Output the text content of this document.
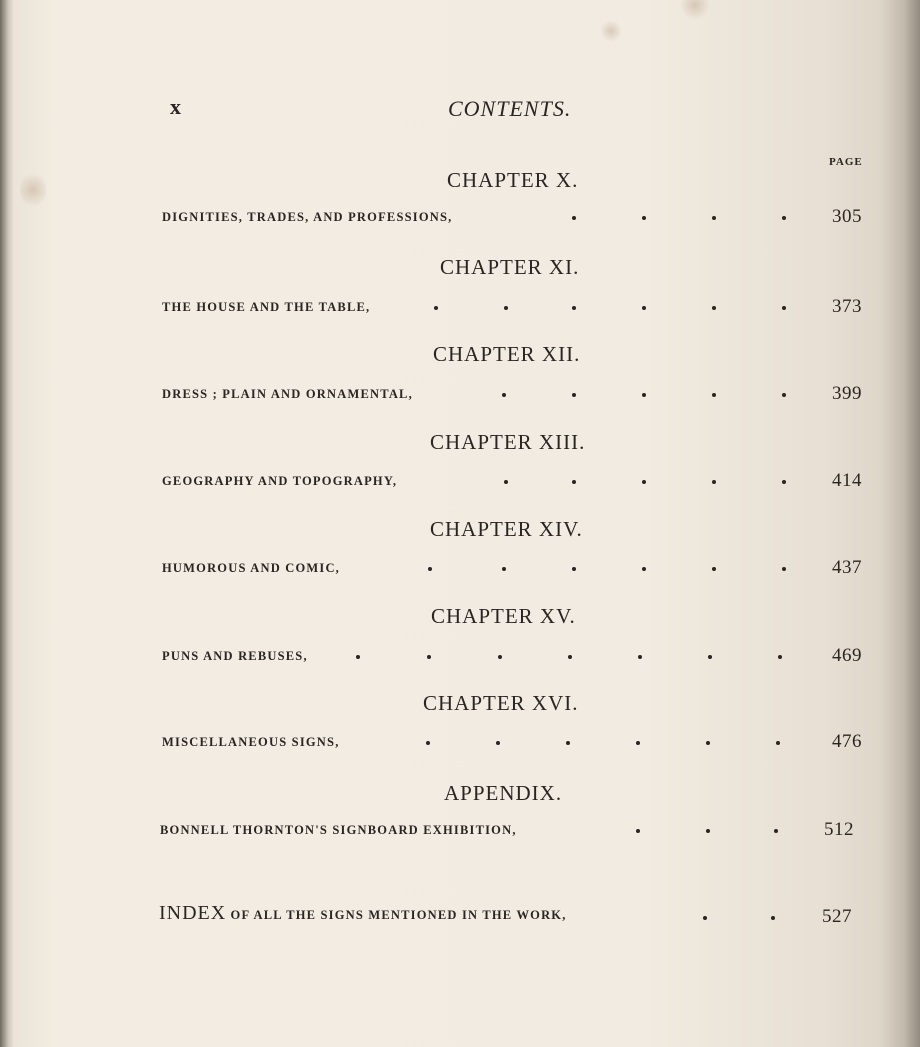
x	CONTENTS.
PAGE
CHAPTER X.
DIGNITIES, TRADES, AND PROFESSIONS,	305
CHAPTER XI.
THE HOUSE AND THE TABLE,	373
CHAPTER XII.
DRESS ; PLAIN AND ORNAMENTAL,	399
CHAPTER XIII.
GEOGRAPHY AND TOPOGRAPHY,	414
CHAPTER XIV.
HUMOROUS AND COMIC,	437
CHAPTER XV.
PUNS AND REBUSES,	469
CHAPTER XVI.
MISCELLANEOUS SIGNS,	476
APPENDIX.
BONNELL THORNTON'S SIGNBOARD EXHIBITION,	512
INDEX OF ALL THE SIGNS MENTIONED IN THE WORK,	527
